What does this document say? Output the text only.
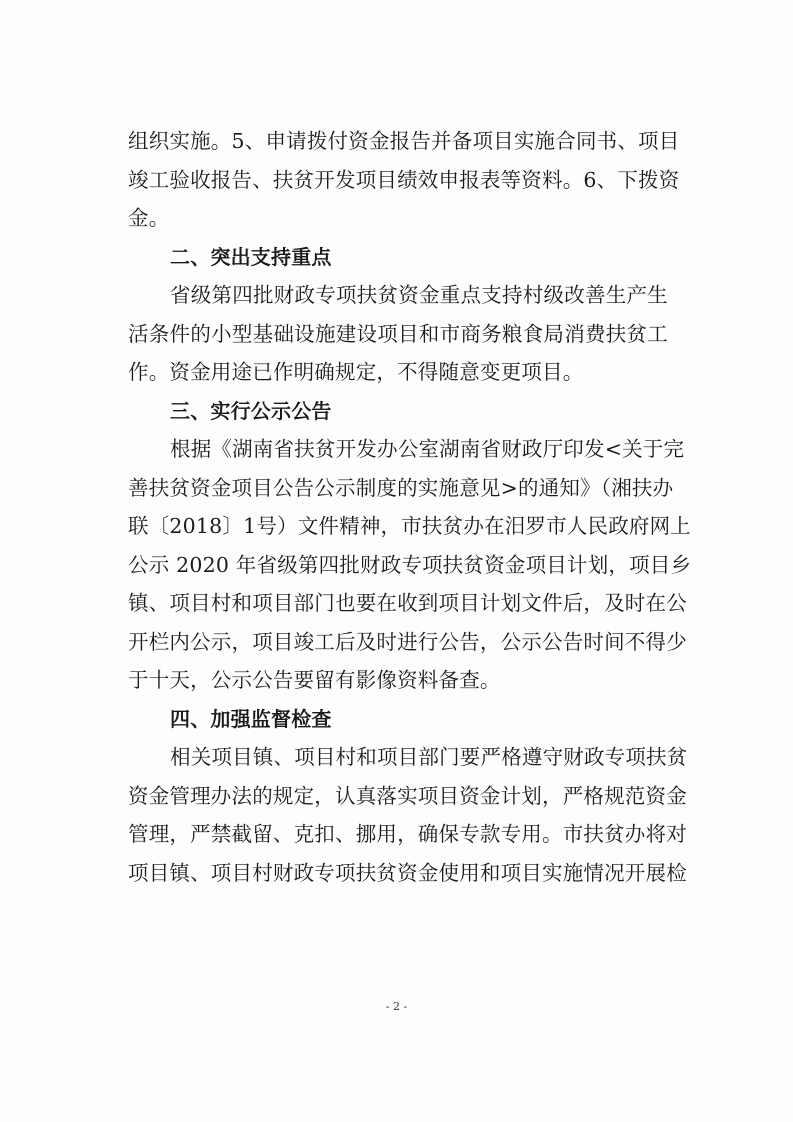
组织实施。5、申请拨付资金报告并备项目实施合同书、项目
竣工验收报告、扶贫开发项目绩效申报表等资料。6、下拨资
金。
二、突出支持重点
省级第四批财政专项扶贫资金重点支持村级改善生产生
活条件的小型基础设施建设项目和市商务粮食局消费扶贫工
作。资金用途已作明确规定，不得随意变更项目。
三、实行公示公告
根据《湖南省扶贫开发办公室湖南省财政厅印发<关于完
善扶贫资金项目公告公示制度的实施意见>的通知》（湘扶办
联〔2018〕1号）文件精神，市扶贫办在汨罗市人民政府网上
公示 2020 年省级第四批财政专项扶贫资金项目计划，项目乡
镇、项目村和项目部门也要在收到项目计划文件后，及时在公
开栏内公示，项目竣工后及时进行公告，公示公告时间不得少
于十天，公示公告要留有影像资料备查。
四、加强监督检查
相关项目镇、项目村和项目部门要严格遵守财政专项扶贫
资金管理办法的规定，认真落实项目资金计划，严格规范资金
管理，严禁截留、克扣、挪用，确保专款专用。市扶贫办将对
项目镇、项目村财政专项扶贫资金使用和项目实施情况开展检
- 2 -
